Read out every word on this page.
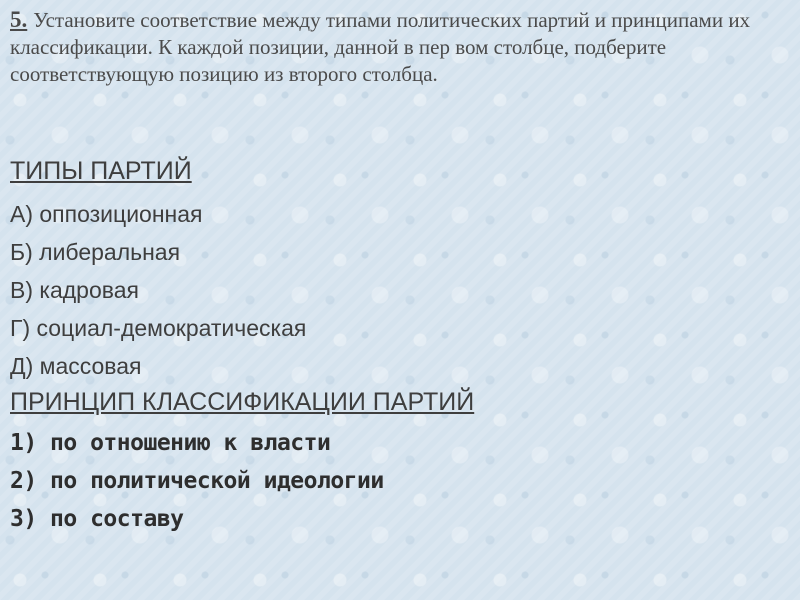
5. Установите соответствие между типами политических партий и принципами их классификации. К каждой позиции, данной в пер вом столбце, подберите соответствующую позицию из второго столбца.
ТИПЫ ПАРТИЙ
А) оппозиционная
Б) либеральная
В) кадровая
Г) социал-демократическая
Д) массовая
ПРИНЦИП КЛАССИФИКАЦИИ ПАРТИЙ
1) по отношению к власти
2) по политической идеологии
3) по составу
